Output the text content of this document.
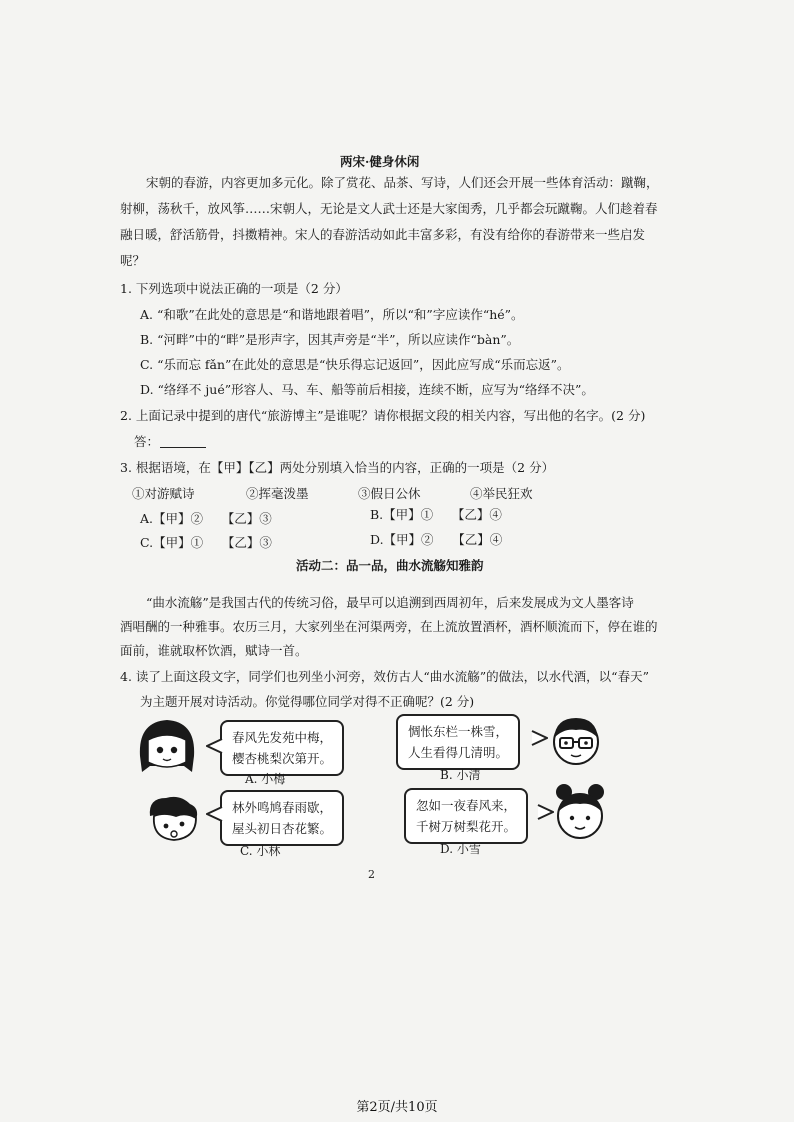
两宋·健身休闲
宋朝的春游，内容更加多元化。除了赏花、品茶、写诗，人们还会开展一些体育活动：蹴鞠，
射柳，荡秋千，放风筝……宋朝人，无论是文人武士还是大家闺秀，几乎都会玩蹴鞠。人们趁着春
融日暖，舒活筋骨，抖擞精神。宋人的春游活动如此丰富多彩，有没有给你的春游带来一些启发
呢？
1. 下列选项中说法正确的一项是（2 分）
A. “和歌”在此处的意思是“和谐地跟着唱”，所以“和”字应读作“hé”。
B. “河畔”中的“畔”是形声字，因其声旁是“半”，所以应读作“bàn”。
C. “乐而忘 fǎn”在此处的意思是“快乐得忘记返回”，因此应写成“乐而忘返”。
D. “络绎不 jué”形容人、马、车、船等前后相接，连续不断，应写为“络绎不决”。
2. 上面记录中提到的唐代“旅游博主”是谁呢？请你根据文段的相关内容，写出他的名字。(2 分)
答：
3. 根据语境，在【甲】【乙】两处分别填入恰当的内容，正确的一项是（2 分）
①对游赋诗	②挥毫泼墨	③假日公休	④举民狂欢
A.【甲】②　　【乙】③	B.【甲】①　　【乙】④
C.【甲】①　　【乙】③	D.【甲】②　　【乙】④
活动二：品一品，曲水流觞知雅韵
“曲水流觞”是我国古代的传统习俗，最早可以追溯到西周初年，后来发展成为文人墨客诗
酒唱酬的一种雅事。农历三月，大家列坐在河渠两旁，在上流放置酒杯，酒杯顺流而下，停在谁的
面前，谁就取杯饮酒，赋诗一首。
4. 读了上面这段文字，同学们也列坐小河旁，效仿古人“曲水流觞”的做法，以水代酒，以“春天”
为主题开展对诗活动。你觉得哪位同学对得不正确呢？(2 分)
春风先发苑中梅，
樱杏桃梨次第开。
A. 小梅
惆怅东栏一株雪，
人生看得几清明。
B. 小清
林外鸣鸠春雨歇，
屋头初日杏花繁。
C. 小林
忽如一夜春风来，
千树万树梨花开。
D. 小雪
2
第2页/共10页
